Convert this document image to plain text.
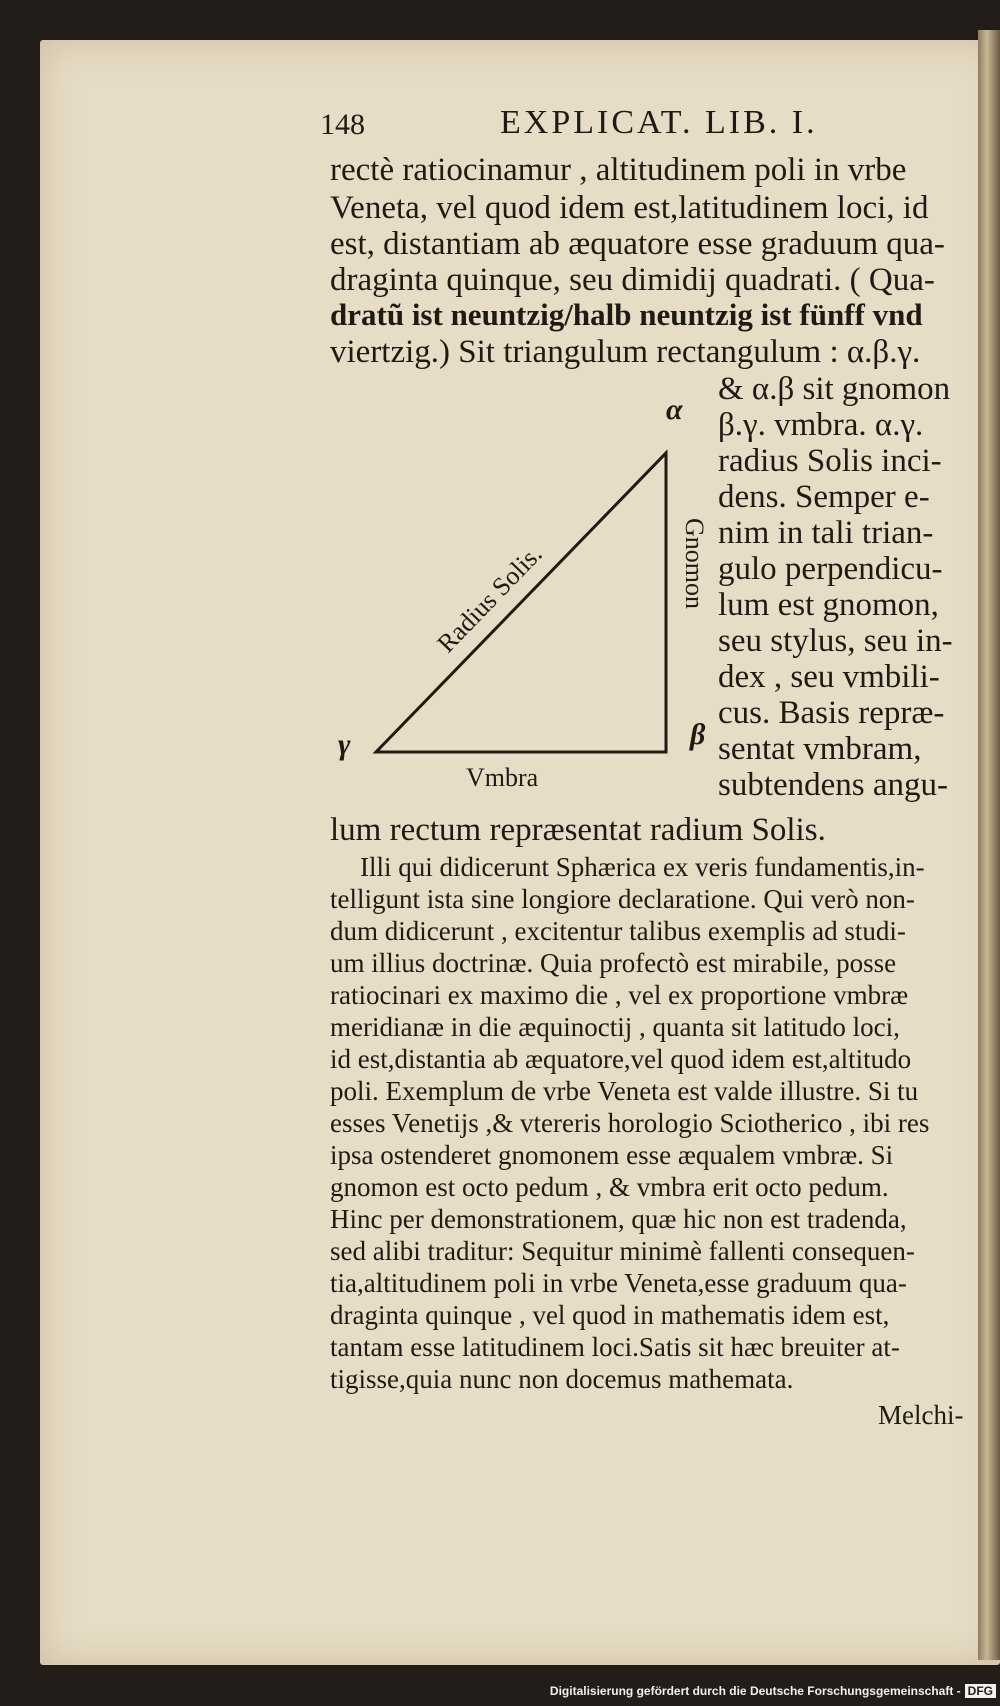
148	EXPLICAT. LIB. I.
rectè ratiocinamur , altitudinem poli in vrbe
Veneta, vel quod idem est,latitudinem loci, id
est, distantiam ab æquatore esse graduum qua-
draginta quinque, seu dimidij quadrati. ( Qua-
dratũ ist neuntzig/halb neuntzig ist fünff vnd
viertzig.) Sit triangulum rectangulum : α.β.γ.
& α.β sit gnomon
β.γ. vmbra. α.γ.
radius Solis inci-
dens. Semper e-
nim in tali trian-
gulo perpendicu-
lum est gnomon,
seu stylus, seu in-
dex , seu vmbili-
cus. Basis repræ-
sentat vmbram,
subtendens angu-
Radius Solis.	Gnomon
Vmbra
α
β
γ
lum rectum repræsentat radium Solis.
Illi qui didicerunt Sphærica ex veris fundamentis,in-
telligunt ista sine longiore declaratione. Qui verò non-
dum didicerunt , excitentur talibus exemplis ad studi-
um illius doctrinæ. Quia profectò est mirabile, posse
ratiocinari ex maximo die , vel ex proportione vmbræ
meridianæ in die æquinoctij , quanta sit latitudo loci,
id est,distantia ab æquatore,vel quod idem est,altitudo
poli. Exemplum de vrbe Veneta est valde illustre. Si tu
esses Venetijs ,& vtereris horologio Sciotherico , ibi res
ipsa ostenderet gnomonem esse æqualem vmbræ. Si
gnomon est octo pedum , & vmbra erit octo pedum.
Hinc per demonstrationem, quæ hic non est tradenda,
sed alibi traditur: Sequitur minimè fallenti consequen-
tia,altitudinem poli in vrbe Veneta,esse graduum qua-
draginta quinque , vel quod in mathematis idem est,
tantam esse latitudinem loci.Satis sit hæc breuiter at-
tigisse,quia nunc non docemus mathemata.
Melchi-
Digitalisierung gefördert durch die Deutsche Forschungsgemeinschaft - DFG
